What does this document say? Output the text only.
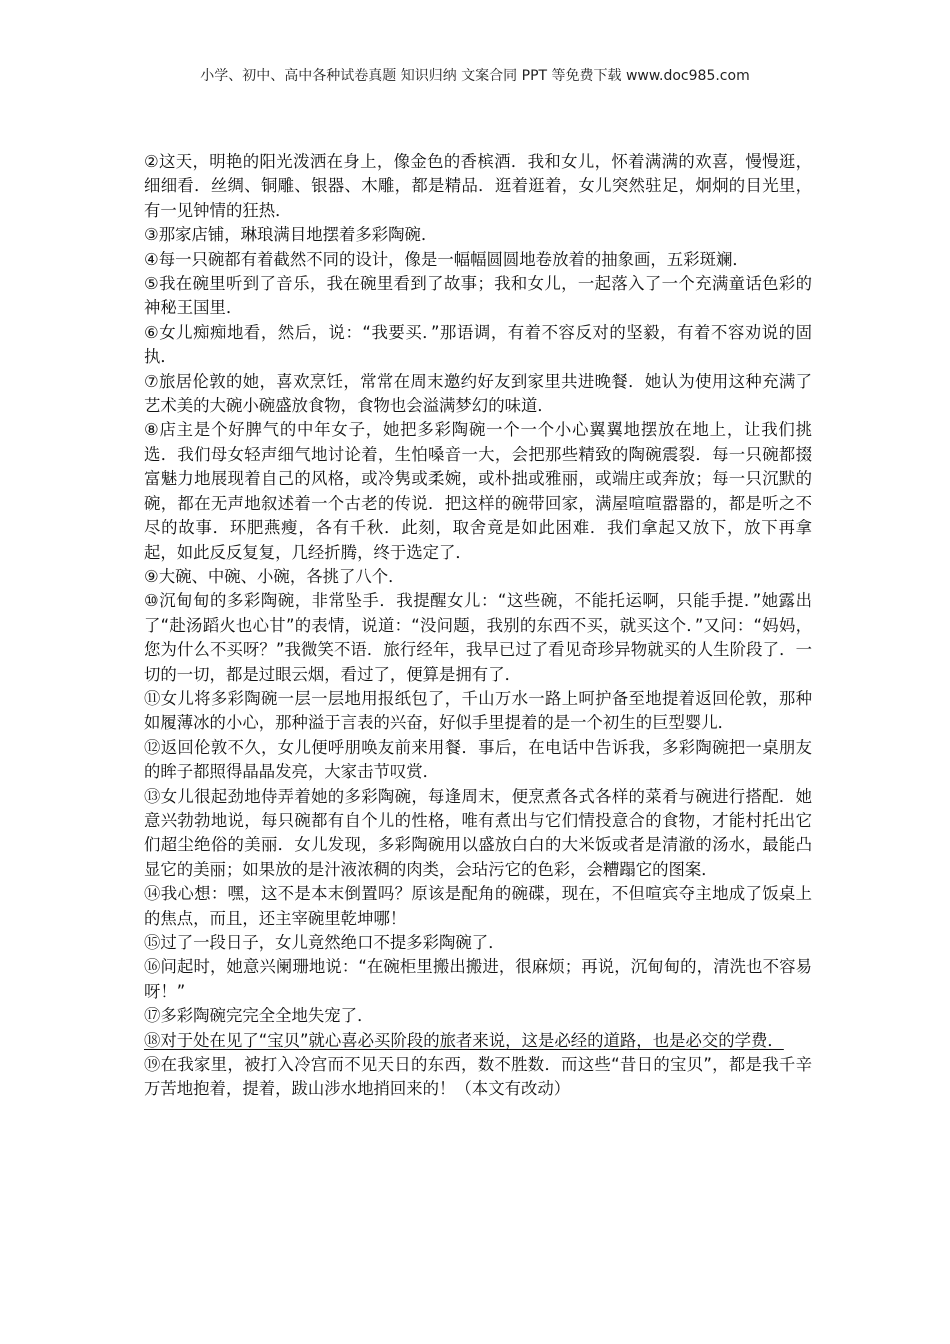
小学、初中、高中各种试卷真题 知识归纳 文案合同 PPT 等免费下载 www.doc985.com

②这天，明艳的阳光泼洒在身上，像金色的香槟酒．我和女儿，怀着满满的欢喜，慢慢逛，细细看．丝绸、铜雕、银器、木雕，都是精品．逛着逛着，女儿突然驻足，炯炯的目光里，有一见钟情的狂热．

③那家店铺，琳琅满目地摆着多彩陶碗．

④每一只碗都有着截然不同的设计，像是一幅幅圆圆地卷放着的抽象画，五彩斑斓．

⑤我在碗里听到了音乐，我在碗里看到了故事；我和女儿，一起落入了一个充满童话色彩的神秘王国里．

⑥女儿痴痴地看，然后，说：“我要买．”那语调，有着不容反对的坚毅，有着不容劝说的固执．

⑦旅居伦敦的她，喜欢烹饪，常常在周末邀约好友到家里共进晚餐．她认为使用这种充满了艺术美的大碗小碗盛放食物，食物也会溢满梦幻的味道．

⑧店主是个好脾气的中年女子，她把多彩陶碗一个一个小心翼翼地摆放在地上，让我们挑选．我们母女轻声细气地讨论着，生怕嗓音一大，会把那些精致的陶碗震裂．每一只碗都掇富魅力地展现着自己的风格，或冷隽或柔婉，或朴拙或雅丽，或端庄或奔放；每一只沉默的碗，都在无声地叙述着一个古老的传说．把这样的碗带回家，满屋喧喧嚣嚣的，都是听之不尽的故事．环肥燕瘦，各有千秋．此刻，取舍竟是如此困难．我们拿起又放下，放下再拿起，如此反反复复，几经折腾，终于选定了．

⑨大碗、中碗、小碗，各挑了八个．

⑩沉甸甸的多彩陶碗，非常坠手．我提醒女儿：“这些碗，不能托运啊，只能手提．”她露出了“赴汤蹈火也心甘”的表情，说道：“没问题，我别的东西不买，就买这个．”又问：“妈妈，您为什么不买呀？”我微笑不语．旅行经年，我早已过了看见奇珍异物就买的人生阶段了．一切的一切，都是过眼云烟，看过了，便算是拥有了．

⑪女儿将多彩陶碗一层一层地用报纸包了，千山万水一路上呵护备至地提着返回伦敦，那种如履薄冰的小心，那种溢于言表的兴奋，好似手里提着的是一个初生的巨型婴儿．

⑫返回伦敦不久，女儿便呼朋唤友前来用餐．事后，在电话中告诉我，多彩陶碗把一桌朋友的眸子都照得晶晶发亮，大家击节叹赏．

⑬女儿很起劲地侍弄着她的多彩陶碗，每逢周末，便烹煮各式各样的菜肴与碗进行搭配．她意兴勃勃地说，每只碗都有自个儿的性格，唯有煮出与它们情投意合的食物，才能村托出它们超尘绝俗的美丽．女儿发现，多彩陶碗用以盛放白白的大米饭或者是清澈的汤水，最能凸显它的美丽；如果放的是汁液浓稠的肉类，会玷污它的色彩，会糟蹋它的图案．

⑭我心想：嘿，这不是本末倒置吗？原该是配角的碗碟，现在，不但喧宾夺主地成了饭桌上的焦点，而且，还主宰碗里乾坤哪！

⑮过了一段日子，女儿竟然绝口不提多彩陶碗了．

⑯问起时，她意兴阑珊地说：“在碗柜里搬出搬进，很麻烦；再说，沉甸甸的，清洗也不容易呀！”

⑰多彩陶碗完完全全地失宠了．

⑱对于处在见了“宝贝”就心喜必买阶段的旅者来说，这是必经的道路，也是必交的学费．

⑲在我家里，被打入冷宫而不见天日的东西，数不胜数．而这些“昔日的宝贝”，都是我千辛万苦地抱着，提着，跋山涉水地捎回来的！（本文有改动）
